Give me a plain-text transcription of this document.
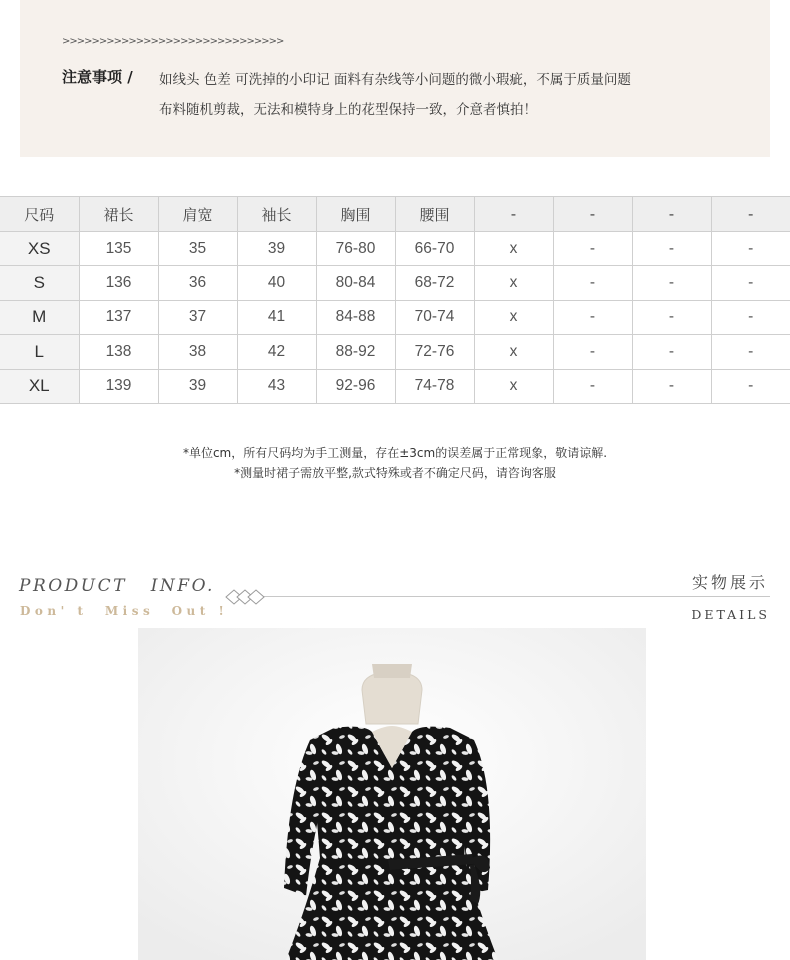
>>>>>>>>>>>>>>>>>>>>>>>>>>>>>>
注意事项 / 如线头 色差 可洗掉的小印记 面料有杂线等小问题的微小瑕疵，不属于质量问题
布料随机剪裁，无法和模特身上的花型保持一致，介意者慎拍！
尺码	裙长	肩宽	袖长	胸围	腰围	-	-	-	-
XS	135	35	39	76-80	66-70	x	-	-	-
S	136	36	40	80-84	68-72	x	-	-	-
M	137	37	41	84-88	70-74	x	-	-	-
L	138	38	42	88-92	72-76	x	-	-	-
XL	139	39	43	92-96	74-78	x	-	-	-
*单位cm，所有尺码均为手工测量，存在±3cm的误差属于正常现象，敬请谅解.
*测量时裙子需放平整,款式特殊或者不确定尺码，请咨询客服
PRODUCT   INFO.
Don' t  Miss  Out !
实物展示
DETAILS
